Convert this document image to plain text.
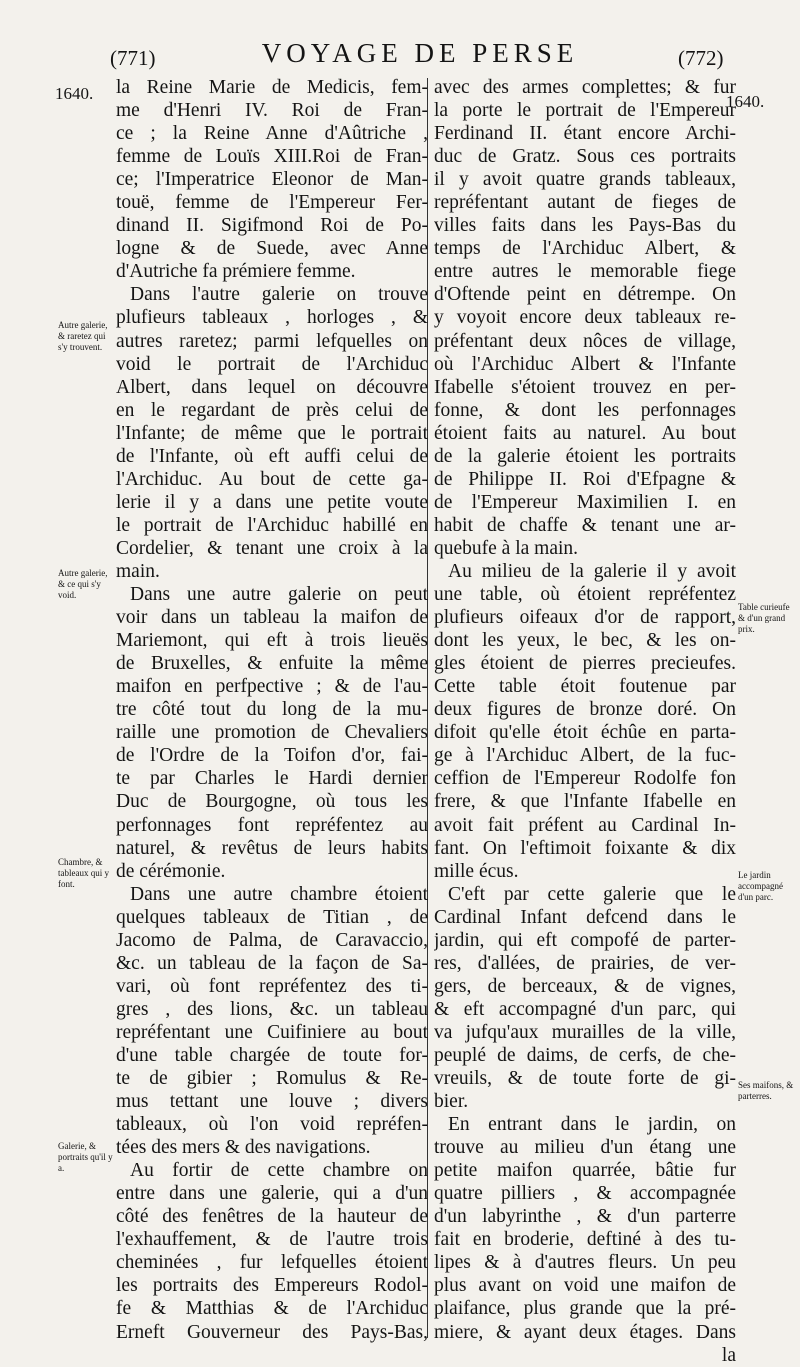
(771)	VOYAGE DE PERSE	(772)
1640.	1640.
la Reine Marie de Medicis, fem-
me d'Henri IV. Roi de Fran-
ce ; la Reine Anne d'Aûtriche ,
femme de Louïs XIII.Roi de Fran-
ce; l'Imperatrice Eleonor de Man-
touë, femme de l'Empereur Fer-
dinand II. Sigifmond Roi de Po-
logne & de Suede, avec Anne
d'Autriche fa prémiere femme.
Dans l'autre galerie on trouve
plufieurs tableaux , horloges , &
autres raretez; parmi lefquelles on
void le portrait de l'Archiduc
Albert, dans lequel on découvre
en le regardant de près celui de
l'Infante; de même que le portrait
de l'Infante, où eft auffi celui de
l'Archiduc. Au bout de cette ga-
lerie il y a dans une petite voute
le portrait de l'Archiduc habillé en
Cordelier, & tenant une croix à la
main.
Dans une autre galerie on peut
voir dans un tableau la maifon de
Mariemont, qui eft à trois lieuës
de Bruxelles, & enfuite la même
maifon en perfpective ; & de l'au-
tre côté tout du long de la mu-
raille une promotion de Chevaliers
de l'Ordre de la Toifon d'or, fai-
te par Charles le Hardi dernier
Duc de Bourgogne, où tous les
perfonnages font repréfentez au
naturel, & revêtus de leurs habits
de cérémonie.
Dans une autre chambre étoient
quelques tableaux de Titian , de
Jacomo de Palma, de Caravaccio,
&c. un tableau de la façon de Sa-
vari, où font repréfentez des ti-
gres , des lions, &c. un tableau
repréfentant une Cuifiniere au bout
d'une table chargée de toute for-
te de gibier ; Romulus & Re-
mus tettant une louve ; divers
tableaux, où l'on void repréfen-
tées des mers & des navigations.
Au fortir de cette chambre on
entre dans une galerie, qui a d'un
côté des fenêtres de la hauteur de
l'exhauffement, & de l'autre trois
cheminées , fur lefquelles étoient
les portraits des Empereurs Rodol-
fe & Matthias & de l'Archiduc
Erneft Gouverneur des Pays-Bas,
avec des armes complettes; & fur
la porte le portrait de l'Empereur
Ferdinand II. étant encore Archi-
duc de Gratz. Sous ces portraits
il y avoit quatre grands tableaux,
repréfentant autant de fieges de
villes faits dans les Pays-Bas du
temps de l'Archiduc Albert, &
entre autres le memorable fiege
d'Oftende peint en détrempe. On
y voyoit encore deux tableaux re-
préfentant deux nôces de village,
où l'Archiduc Albert & l'Infante
Ifabelle s'étoient trouvez en per-
fonne, & dont les perfonnages
étoient faits au naturel. Au bout
de la galerie étoient les portraits
de Philippe II. Roi d'Efpagne &
de l'Empereur Maximilien I. en
habit de chaffe & tenant une ar-
quebufe à la main.
Au milieu de la galerie il y avoit
une table, où étoient repréfentez
plufieurs oifeaux d'or de rapport,
dont les yeux, le bec, & les on-
gles étoient de pierres precieufes.
Cette table étoit foutenue par
deux figures de bronze doré. On
difoit qu'elle étoit échûe en parta-
ge à l'Archiduc Albert, de la fuc-
ceffion de l'Empereur Rodolfe fon
frere, & que l'Infante Ifabelle en
avoit fait préfent au Cardinal In-
fant. On l'eftimoit foixante & dix
mille écus.
C'eft par cette galerie que le
Cardinal Infant defcend dans le
jardin, qui eft compofé de parter-
res, d'allées, de prairies, de ver-
gers, de berceaux, & de vignes,
& eft accompagné d'un parc, qui
va jufqu'aux murailles de la ville,
peuplé de daims, de cerfs, de che-
vreuils, & de toute forte de gi-
bier.
En entrant dans le jardin, on
trouve au milieu d'un étang une
petite maifon quarrée, bâtie fur
quatre pilliers , & accompagnée
d'un labyrinthe , & d'un parterre
fait en broderie, deftiné à des tu-
lipes & à d'autres fleurs. Un peu
plus avant on void une maifon de
plaifance, plus grande que la pré-
miere, & ayant deux étages. Dans
la
Autre galerie, & raretez qui s'y trouvent.
Autre galerie, & ce qui s'y void.
Chambre, & tableaux qui y font.
Galerie, & portraits qu'il y a.
Table curieufe & d'un grand prix.
Le jardin accompagné d'un parc.
Ses maifons, & parterres.
